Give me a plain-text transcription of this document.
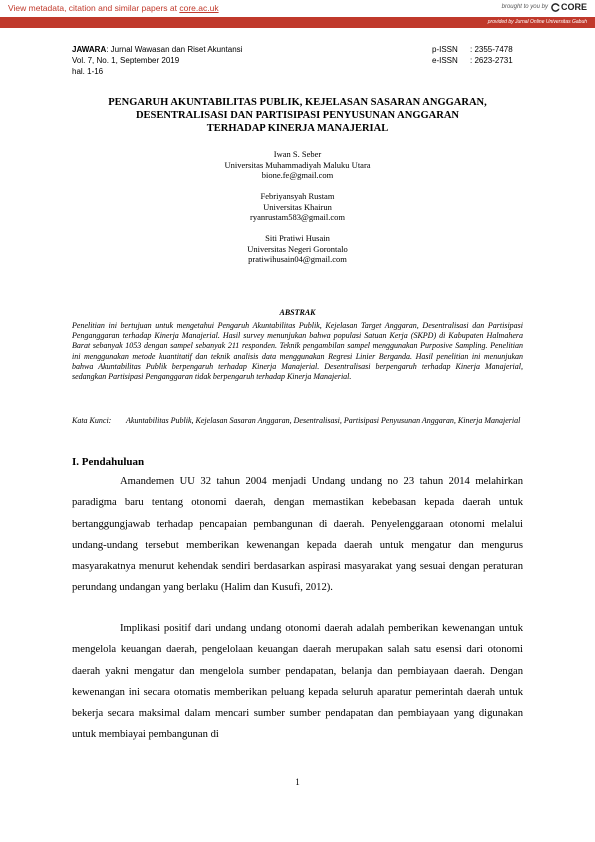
View metadata, citation and similar papers at core.ac.uk	brought to you by CORE
provided by Jurnal Online Universitas Gabuh
JAWARA: Jurnal Wawasan dan Riset Akuntansi
Vol. 7, No. 1, September 2019
hal. 1-16
p-ISSN	: 2355-7478
e-ISSN	: 2623-2731
PENGARUH AKUNTABILITAS PUBLIK, KEJELASAN SASARAN ANGGARAN,
DESENTRALISASI DAN PARTISIPASI PENYUSUNAN ANGGARAN
TERHADAP KINERJA MANAJERIAL
Iwan S. Seber
Universitas Muhammadiyah Maluku Utara
bione.fe@gmail.com
Febriyansyah Rustam
Universitas Khairun
ryanrustam583@gmail.com
Siti Pratiwi Husain
Universitas Negeri Gorontalo
pratiwihusain04@gmail.com
ABSTRAK
Penelitian ini bertujuan untuk mengetahui Pengaruh Akuntabilitas Publik, Kejelasan Target Anggaran, Desentralisasi dan Partisipasi Penganggaran terhadap Kinerja Manajerial. Hasil survey menunjukan bahwa populasi Satuan Kerja (SKPD) di Kabupaten Halmahera Barat sebanyak 1053 dengan sampel sebanyak 211 responden. Teknik pengambilan sampel menggunakan Purposive Sampling. Penelitian ini menggunakan metode kuantitatif dan teknik analisis data menggunakan Regresi Linier Berganda. Hasil penelitian ini menunjukan bahwa Akuntabilitas Publik berpengaruh terhadap Kinerja Manajerial. Desentralisasi berpengaruh terhadap Kinerja Manajerial, sedangkan Partisipasi Penganggaran tidak berpengaruh terhadap Kinerja Manajerial.
Kata Kunci:	Akuntabilitas Publik, Kejelasan Sasaran Anggaran, Desentralisasi, Partisipasi Penyusunan Anggaran, Kinerja Manajerial
I. Pendahuluan
Amandemen UU 32 tahun 2004 menjadi Undang undang no 23 tahun 2014 melahirkan paradigma baru tentang otonomi daerah, dengan memastikan kebebasan kepada daerah untuk bertanggungjawab terhadap pencapaian pembangunan di daerah. Penyelenggaraan otonomi melalui undang-undang tersebut memberikan kewenangan kepada daerah untuk mengatur dan mengurus masyarakatnya menurut kehendak sendiri berdasarkan aspirasi masyarakat yang sesuai dengan peraturan perundang undangan yang berlaku (Halim dan Kusufi, 2012).
Implikasi positif dari undang undang otonomi daerah adalah pemberikan kewenangan untuk mengelola keuangan daerah, pengelolaan keuangan daerah merupakan salah satu esensi dari otonomi daerah yakni mengatur dan mengelola sumber pendapatan, belanja dan pembiayaan daerah. Dengan kewenangan ini secara otomatis memberikan peluang kepada seluruh aparatur pemerintah daerah untuk bekerja secara maksimal dalam mencari sumber sumber pendapatan dan pembiayaan yang digunakan untuk membiayai pembangunan di
1
